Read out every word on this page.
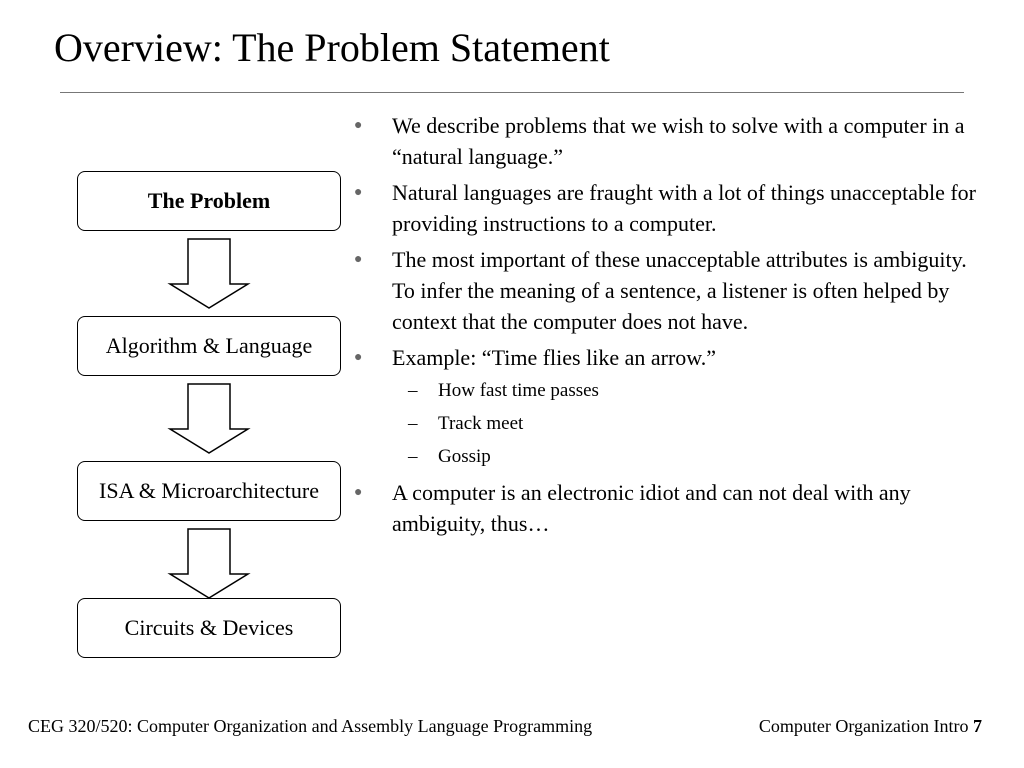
Overview: The Problem Statement
The Problem
Algorithm & Language
ISA & Microarchitecture
Circuits & Devices
● We describe problems that we wish to solve with a computer in a “natural language.”
● Natural languages are fraught with a lot of things unacceptable for providing instructions to a computer.
● The most important of these unacceptable attributes is ambiguity. To infer the meaning of a sentence, a listener is often helped by context that the computer does not have.
● Example: “Time flies like an arrow.”
– How fast time passes
– Track meet
– Gossip
● A computer is an electronic idiot and can not deal with any ambiguity, thus…
CEG 320/520: Computer Organization and Assembly Language Programming	Computer Organization Intro 7
